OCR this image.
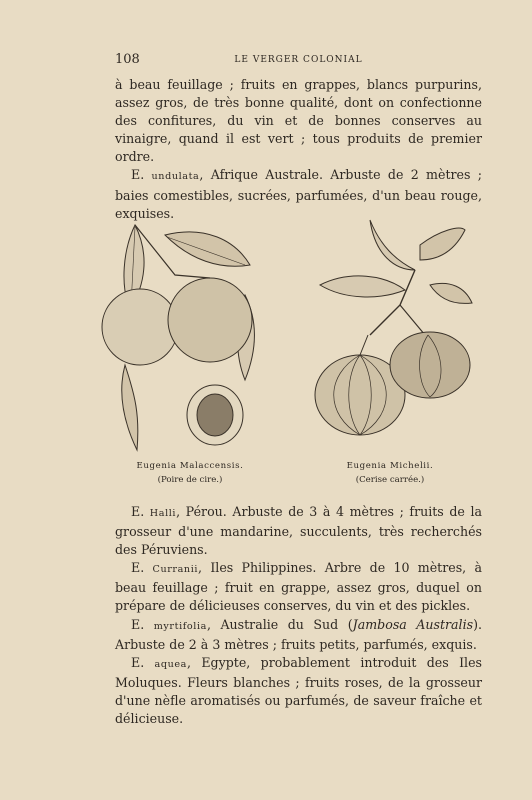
108	LE VERGER COLONIAL

à beau feuillage ; fruits en grappes, blancs purpurins, assez gros, de très bonne qualité, dont on confectionne des confitures, du vin et de bonnes conserves au vinaigre, quand il est vert ; tous produits de premier ordre.

E. undulata, Afrique Australe. Arbuste de 2 mètres ; baies comestibles, sucrées, parfumées, d'un beau rouge, exquises.

Eugenia Malaccensis.
(Poire de cire.)
Eugenia Michelii.
(Cerise carrée.)

E. Halli, Pérou. Arbuste de 3 à 4 mètres ; fruits de la grosseur d'une mandarine, succulents, très recherchés des Péruviens.

E. Curranii, Iles Philippines. Arbre de 10 mètres, à beau feuillage ; fruit en grappe, assez gros, duquel on prépare de délicieuses conserves, du vin et des pickles.

E. myrtifolia, Australie du Sud (Jambosa Australis). Arbuste de 2 à 3 mètres ; fruits petits, parfumés, exquis.

E. aquea, Egypte, probablement introduit des Iles Moluques. Fleurs blanches ; fruits roses, de la grosseur d'une nèfle aromatisés ou parfumés, de saveur fraîche et délicieuse.
